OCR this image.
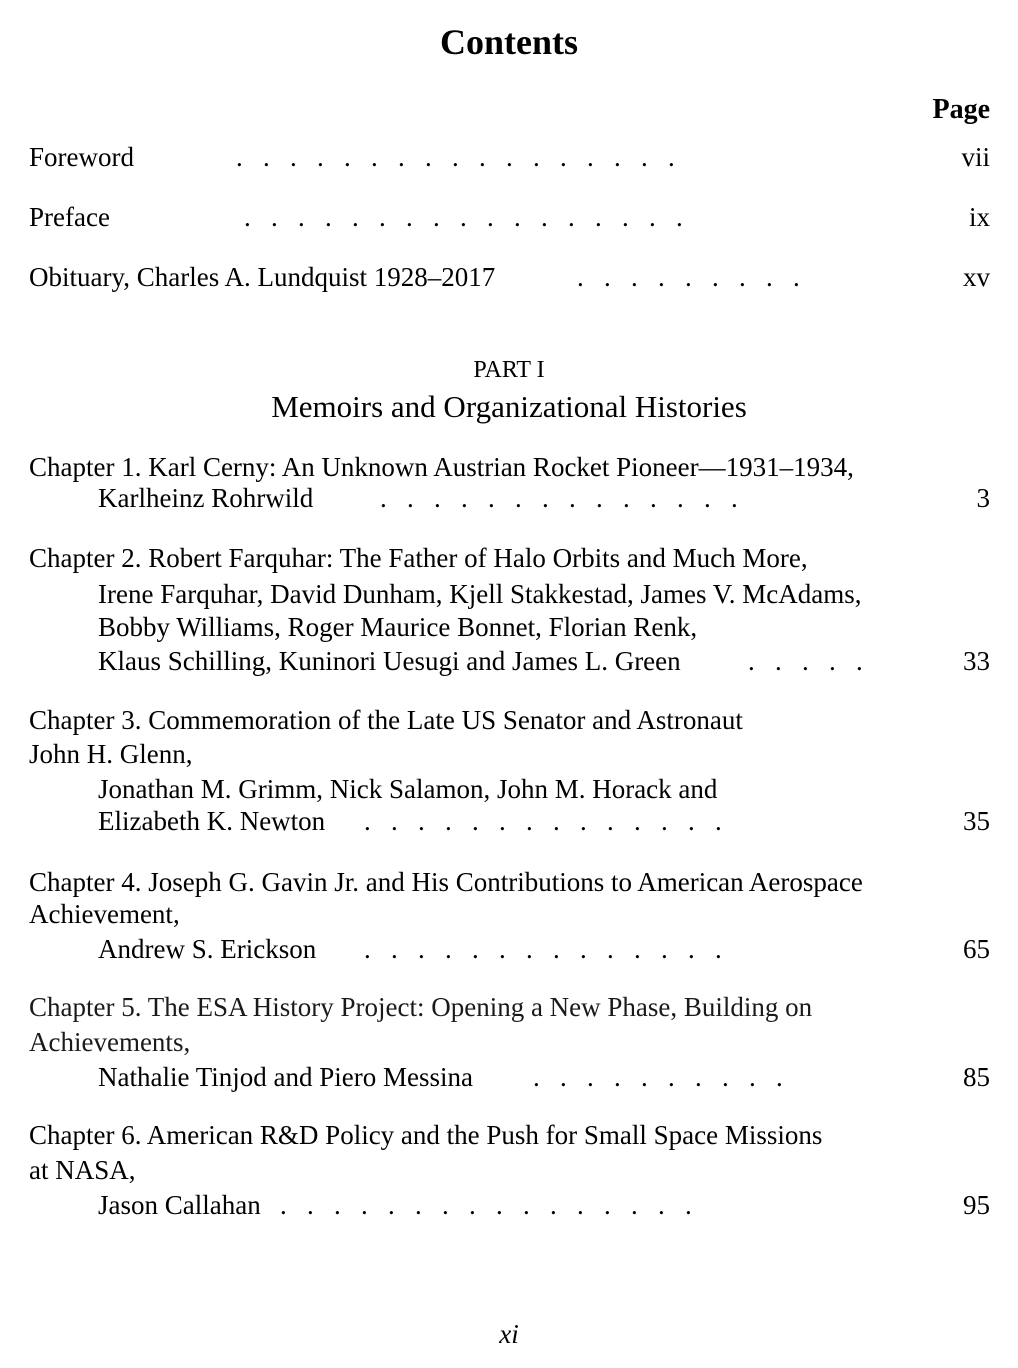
Contents
Page
Foreword	.   .   .   .   .   .   .   .   .   .   .   .   .   .   .   .   .	vii
Preface	.   .   .   .   .   .   .   .   .   .   .   .   .   .   .   .   .	ix
Obituary, Charles A. Lundquist 1928–2017	.   .   .   .   .   .   .   .   .	xv
PART I
Memoirs and Organizational Histories
Chapter 1. Karl Cerny: An Unknown Austrian Rocket Pioneer—1931–1934,
Karlheinz Rohrwild .   .   .   .   .   .   .   .   .   .   .   .   .   .	3
Chapter 2. Robert Farquhar: The Father of Halo Orbits and Much More,
Irene Farquhar, David Dunham, Kjell Stakkestad, James V. McAdams,
Bobby Williams, Roger Maurice Bonnet, Florian Renk,
Klaus Schilling, Kuninori Uesugi and James L. Green .   .   .   .   .	33
Chapter 3. Commemoration of the Late US Senator and Astronaut
John H. Glenn,
Jonathan M. Grimm, Nick Salamon, John M. Horack and
Elizabeth K. Newton .   .   .   .   .   .   .   .   .   .   .   .   .   .	35
Chapter 4. Joseph G. Gavin Jr. and His Contributions to American Aerospace
Achievement,
Andrew S. Erickson .   .   .   .   .   .   .   .   .   .   .   .   .   .	65
Chapter 5. The ESA History Project: Opening a New Phase, Building on
Achievements,
Nathalie Tinjod and Piero Messina .   .   .   .   .   .   .   .   .   .	85
Chapter 6. American R&D Policy and the Push for Small Space Missions
at NASA,
Jason Callahan .   .   .   .   .   .   .   .   .   .   .   .   .   .   .   .	95
xi
